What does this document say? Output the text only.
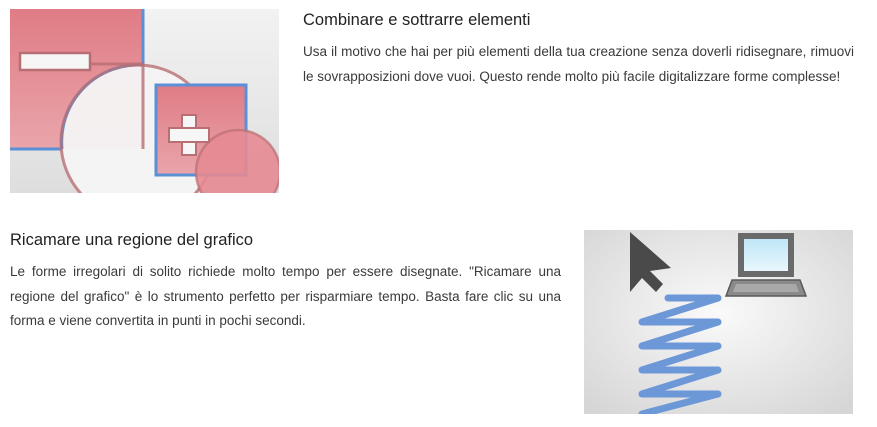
Combinare e sottrarre elementi

Usa il motivo che hai per più elementi della tua creazione senza doverli ridisegnare, rimuovi le sovrapposizioni dove vuoi. Questo rende molto più facile digitalizzare forme complesse!

Ricamare una regione del grafico

Le forme irregolari di solito richiede molto tempo per essere disegnate. "Ricamare una regione del grafico" è lo strumento perfetto per risparmiare tempo. Basta fare clic su una forma e viene convertita in punti in pochi secondi.
